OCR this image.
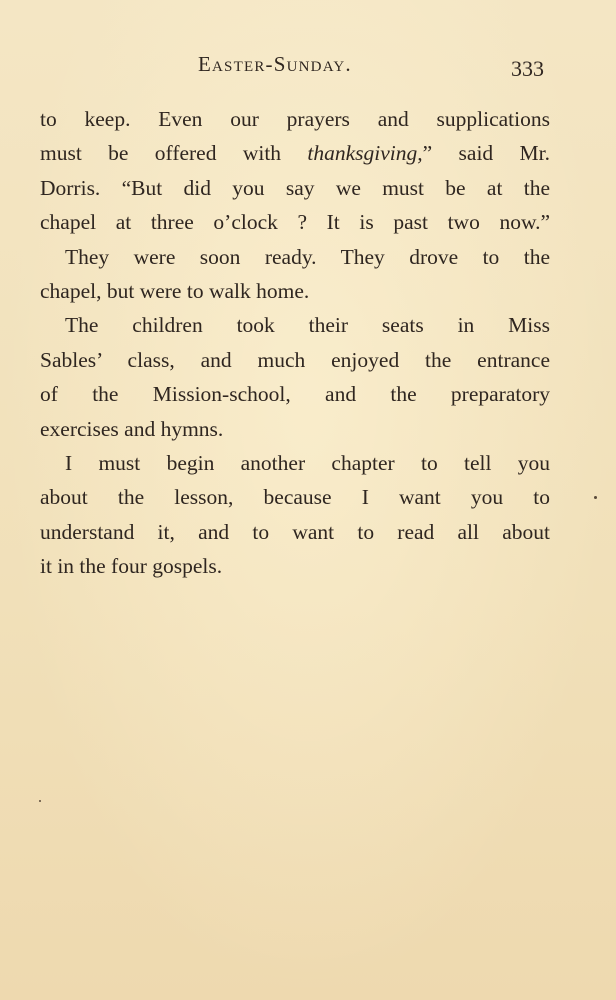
Easter-Sunday.	333
to keep. Even our prayers and supplications
must be offered with thanksgiving,” said Mr.
Dorris. “But did you say we must be at the
chapel at three o’clock ? It is past two now.”
They were soon ready. They drove to the
chapel, but were to walk home.
The children took their seats in Miss
Sables’ class, and much enjoyed the entrance
of the Mission-school, and the preparatory
exercises and hymns.
I must begin another chapter to tell you
about the lesson, because I want you to
understand it, and to want to read all about
it in the four gospels.
